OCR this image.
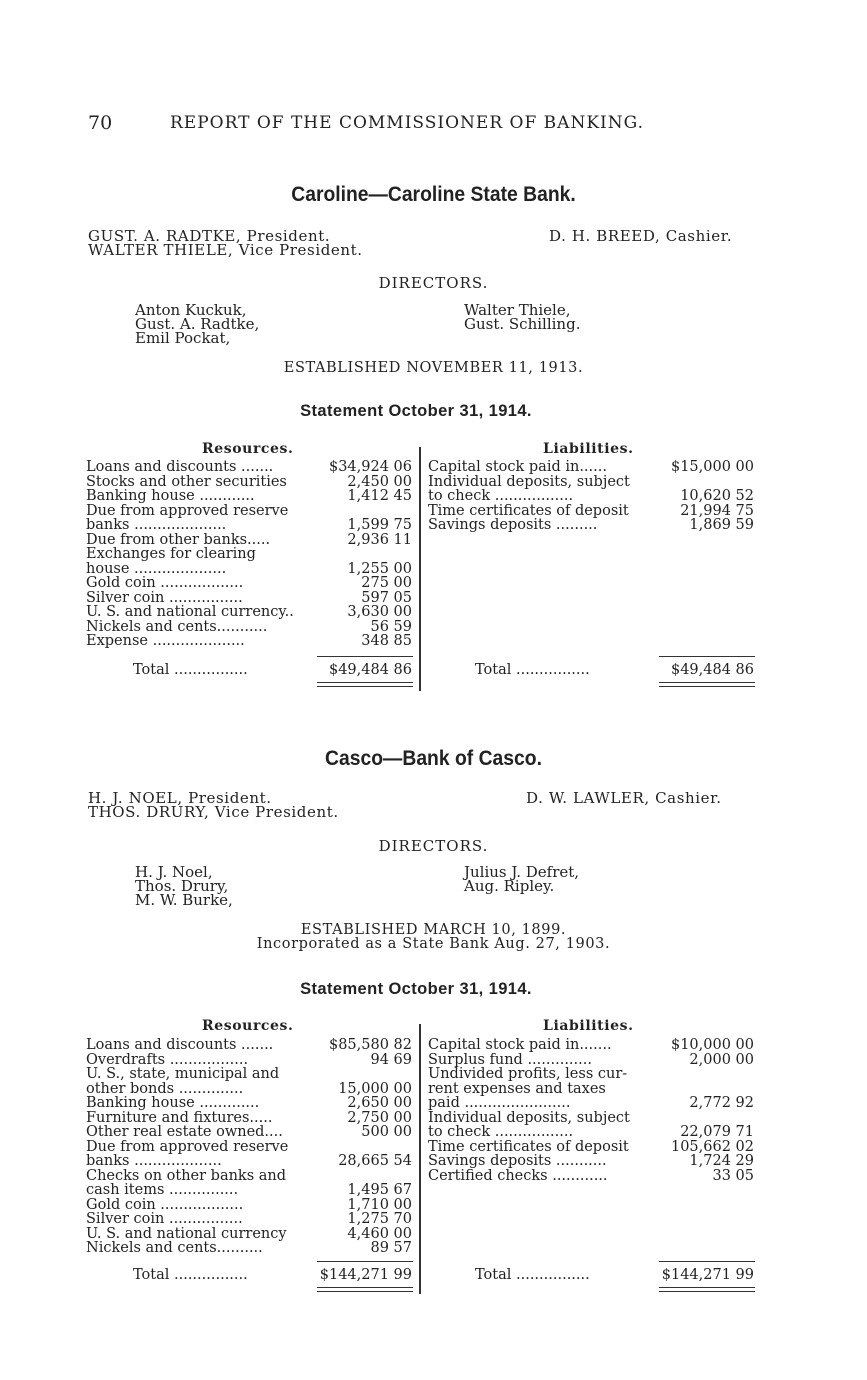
70	REPORT OF THE COMMISSIONER OF BANKING.
Caroline—Caroline State Bank.
GUST. A. RADTKE, President.
WALTER THIELE, Vice President.
D. H. BREED, Cashier.
DIRECTORS.
Anton Kuckuk,
Gust. A. Radtke,
Emil Pockat,
Walter Thiele,
Gust. Schilling.
ESTABLISHED NOVEMBER 11, 1913.
Statement October 31, 1914.
Resources.	Liabilities.
Loans and discounts .......	$34,924 06
Stocks and other securities	2,450 00
Banking house ............	1,412 45
Due from approved reserve
banks ....................	1,599 75
Due from other banks.....	2,936 11
Exchanges for clearing
house ....................	1,255 00
Gold coin ..................	275 00
Silver coin ................	597 05
U. S. and national currency..	3,630 00
Nickels and cents...........	56 59
Expense ....................	348 85
Capital stock paid in......	$15,000 00
Individual deposits, subject
to check .................	10,620 52
Time certificates of deposit	21,994 75
Savings deposits .........	1,869 59
Total ................	$49,484 86	Total ................	$49,484 86
Casco—Bank of Casco.
H. J. NOEL, President.
THOS. DRURY, Vice President.
D. W. LAWLER, Cashier.
DIRECTORS.
H. J. Noel,
Thos. Drury,
M. W. Burke,
Julius J. Defret,
Aug. Ripley.
ESTABLISHED MARCH 10, 1899.
Incorporated as a State Bank Aug. 27, 1903.
Statement October 31, 1914.
Resources.	Liabilities.
Loans and discounts .......	$85,580 82
Overdrafts .................	94 69
U. S., state, municipal and
other bonds ..............	15,000 00
Banking house .............	2,650 00
Furniture and fixtures.....	2,750 00
Other real estate owned....	500 00
Due from approved reserve
banks ...................	28,665 54
Checks on other banks and
cash items ...............	1,495 67
Gold coin ..................	1,710 00
Silver coin ................	1,275 70
U. S. and national currency	4,460 00
Nickels and cents..........	89 57
Capital stock paid in.......	$10,000 00
Surplus fund ..............	2,000 00
Undivided profits, less cur-
rent expenses and taxes
paid .......................	2,772 92
Individual deposits, subject
to check .................	22,079 71
Time certificates of deposit	105,662 02
Savings deposits ...........	1,724 29
Certified checks ............	33 05
Total ................	$144,271 99	Total ................	$144,271 99
